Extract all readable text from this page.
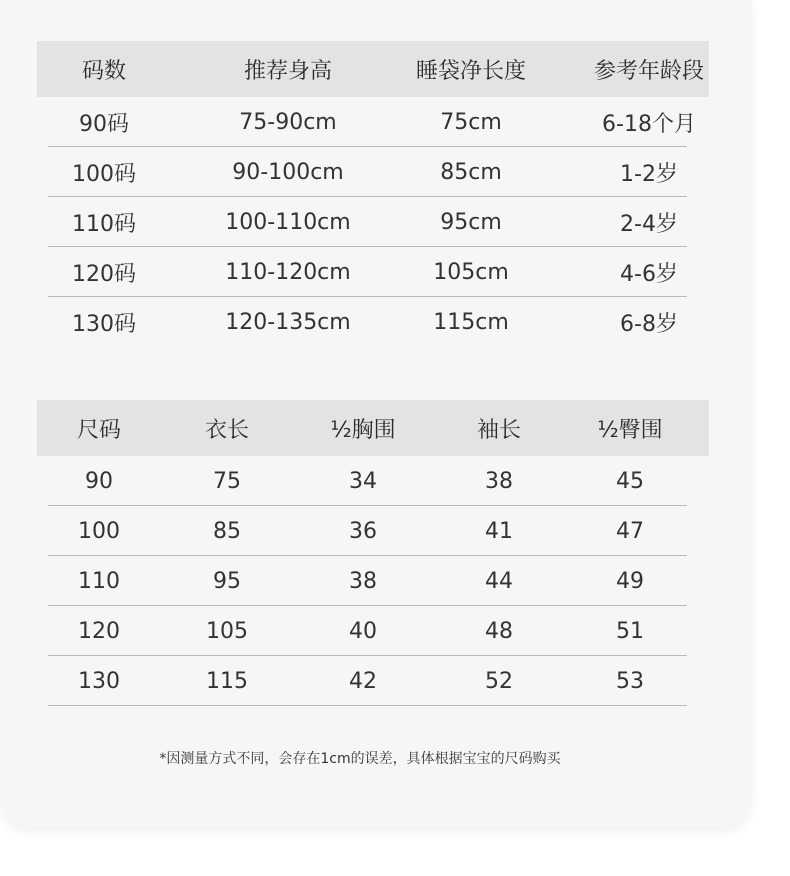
码数	推荐身高	睡袋净长度	参考年龄段
90码	75-90cm	75cm	6-18个月
100码	90-100cm	85cm	1-2岁
110码	100-110cm	95cm	2-4岁
120码	110-120cm	105cm	4-6岁
130码	120-135cm	115cm	6-8岁
尺码	衣长	½胸围	袖长	½臀围
90	75	34	38	45
100	85	36	41	47
110	95	38	44	49
120	105	40	48	51
130	115	42	52	53
*因测量方式不同，会存在1cm的误差，具体根据宝宝的尺码购买
